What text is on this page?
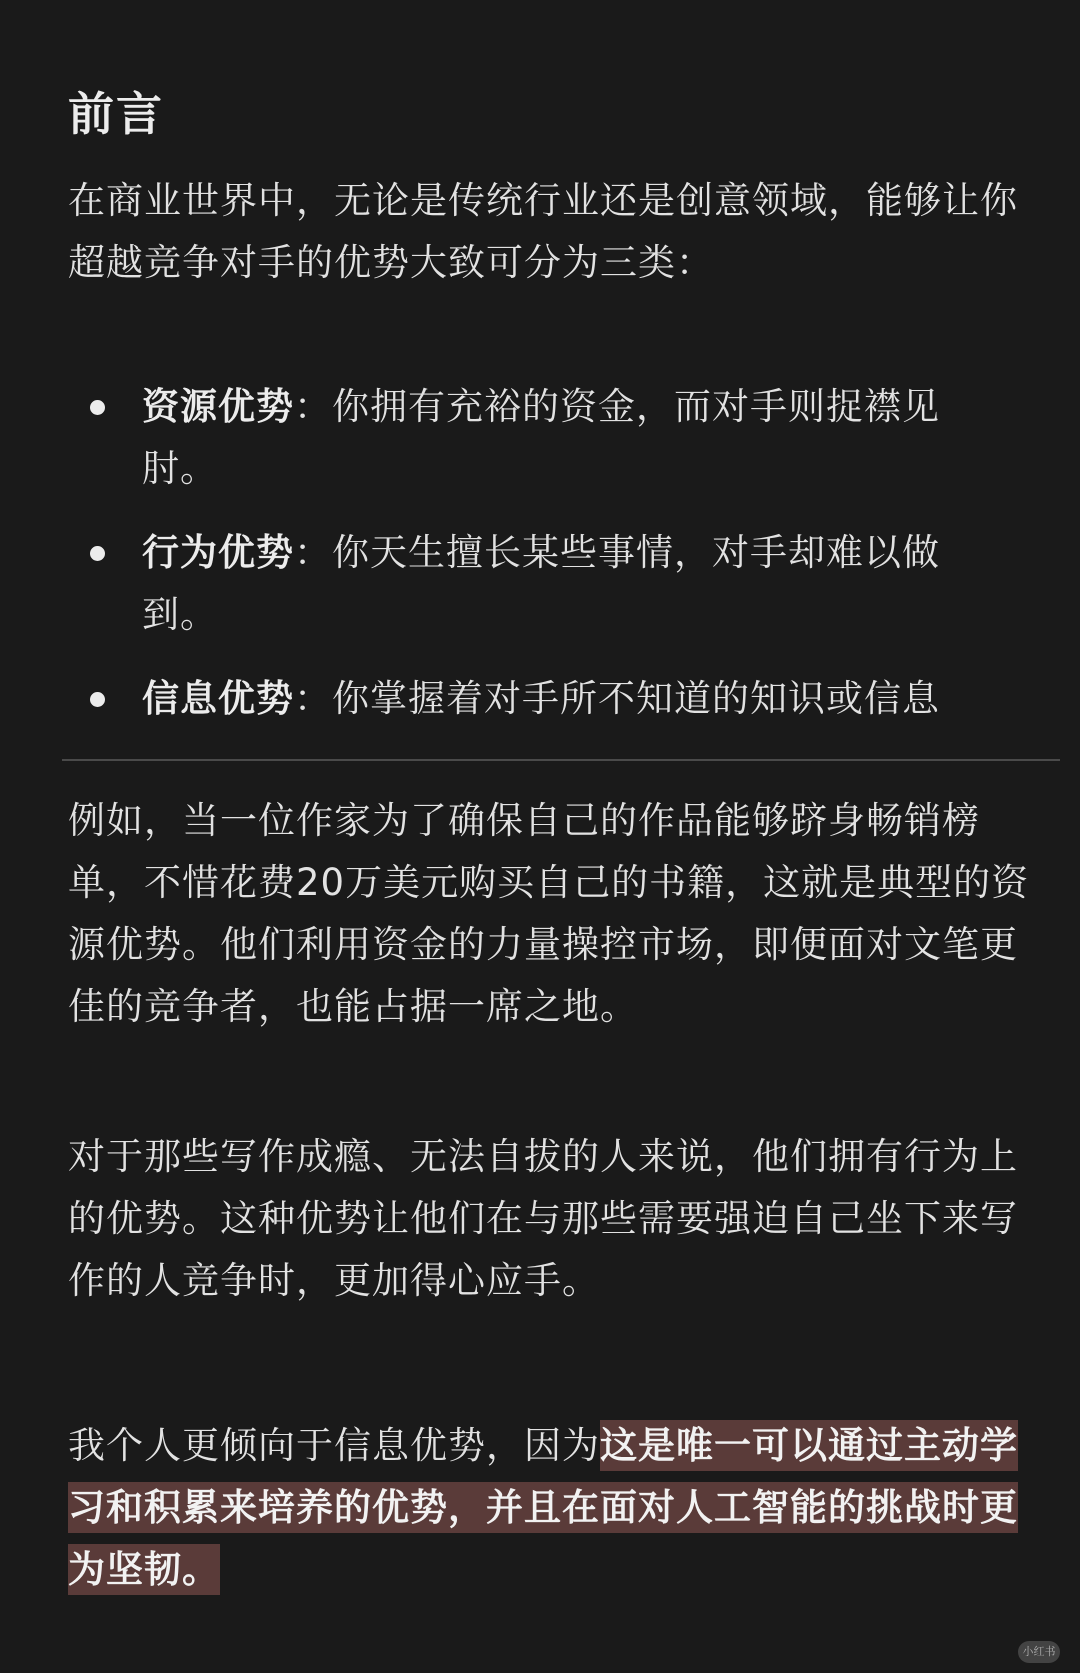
前言

在商业世界中，无论是传统行业还是创意领域，能够让你超越竞争对手的优势大致可分为三类：

资源优势：你拥有充裕的资金，而对手则捉襟见肘。
行为优势：你天生擅长某些事情，对手却难以做到。
信息优势：你掌握着对手所不知道的知识或信息

例如，当一位作家为了确保自己的作品能够跻身畅销榜单，不惜花费20万美元购买自己的书籍，这就是典型的资源优势。他们利用资金的力量操控市场，即便面对文笔更佳的竞争者，也能占据一席之地。

对于那些写作成瘾、无法自拔的人来说，他们拥有行为上的优势。这种优势让他们在与那些需要强迫自己坐下来写作的人竞争时，更加得心应手。

我个人更倾向于信息优势，因为这是唯一可以通过主动学习和积累来培养的优势，并且在面对人工智能的挑战时更为坚韧。

小红书
